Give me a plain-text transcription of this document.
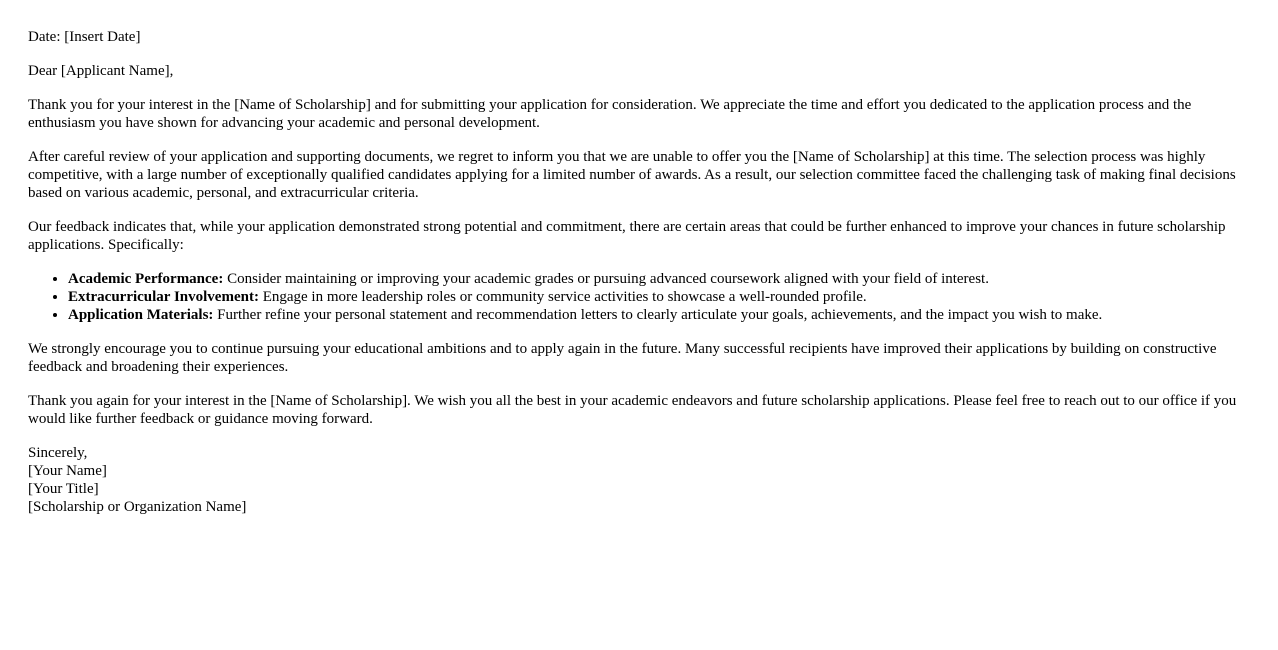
Date: [Insert Date]

Dear [Applicant Name],

Thank you for your interest in the [Name of Scholarship] and for submitting your application for consideration. We appreciate the time and effort you dedicated to the application process and the enthusiasm you have shown for advancing your academic and personal development.

After careful review of your application and supporting documents, we regret to inform you that we are unable to offer you the [Name of Scholarship] at this time. The selection process was highly competitive, with a large number of exceptionally qualified candidates applying for a limited number of awards. As a result, our selection committee faced the challenging task of making final decisions based on various academic, personal, and extracurricular criteria.

Our feedback indicates that, while your application demonstrated strong potential and commitment, there are certain areas that could be further enhanced to improve your chances in future scholarship applications. Specifically:

• Academic Performance: Consider maintaining or improving your academic grades or pursuing advanced coursework aligned with your field of interest.
• Extracurricular Involvement: Engage in more leadership roles or community service activities to showcase a well-rounded profile.
• Application Materials: Further refine your personal statement and recommendation letters to clearly articulate your goals, achievements, and the impact you wish to make.

We strongly encourage you to continue pursuing your educational ambitions and to apply again in the future. Many successful recipients have improved their applications by building on constructive feedback and broadening their experiences.

Thank you again for your interest in the [Name of Scholarship]. We wish you all the best in your academic endeavors and future scholarship applications. Please feel free to reach out to our office if you would like further feedback or guidance moving forward.

Sincerely,

[Your Name]

[Your Title]

[Scholarship or Organization Name]
